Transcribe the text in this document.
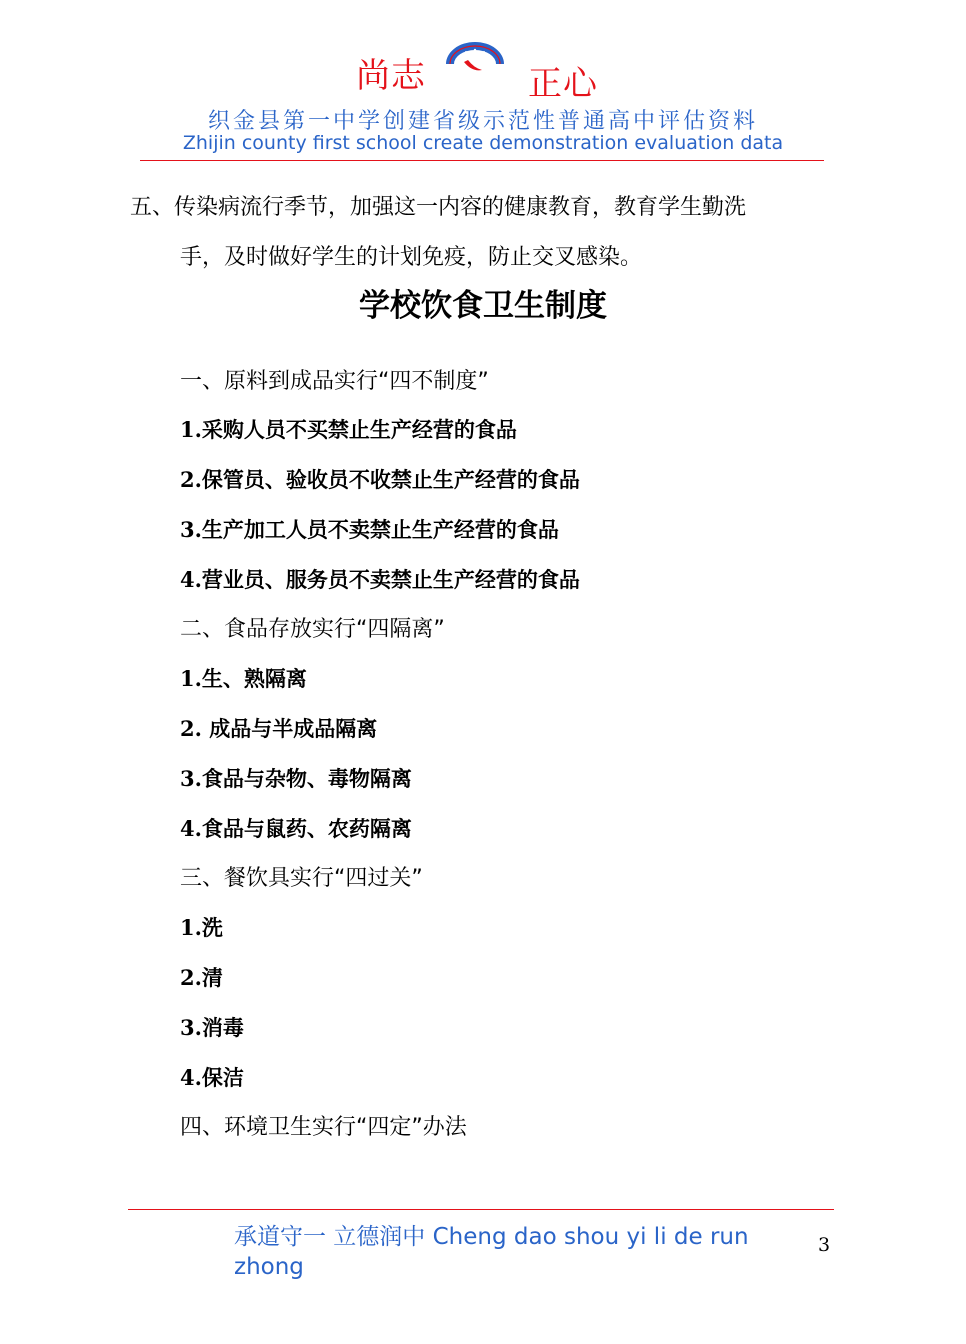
尚志	正心
织金县第一中学创建省级示范性普通高中评估资料
Zhijin county first school create demonstration evaluation data
五、传染病流行季节，加强这一内容的健康教育，教育学生勤洗
手，及时做好学生的计划免疫，防止交叉感染。
学校饮食卫生制度
一、原料到成品实行“四不制度”
1.采购人员不买禁止生产经营的食品
2.保管员、验收员不收禁止生产经营的食品
3.生产加工人员不卖禁止生产经营的食品
4.营业员、服务员不卖禁止生产经营的食品
二、食品存放实行“四隔离”
1.生、熟隔离
2. 成品与半成品隔离
3.食品与杂物、毒物隔离
4.食品与鼠药、农药隔离
三、餐饮具实行“四过关”
1.洗
2.清
3.消毒
4.保洁
四、环境卫生实行“四定”办法
承道守一 立德润中 Cheng dao shou yi li de run zhong
3
